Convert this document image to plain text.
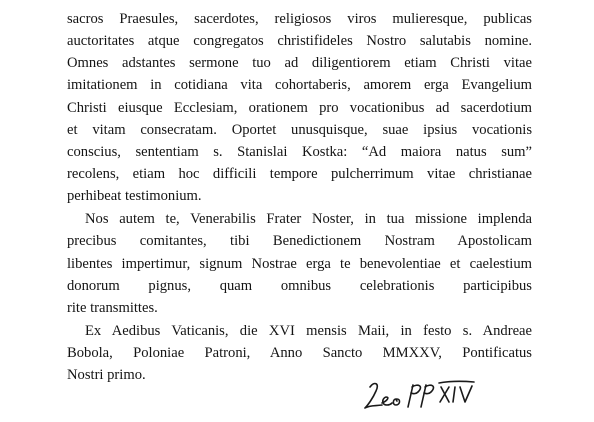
sacros Praesules, sacerdotes, religiosos viros mulieresque, publicas
auctoritates atque congregatos christifideles Nostro salutabis nomine.
Omnes adstantes sermone tuo ad diligentiorem etiam Christi vitae
imitationem in cotidiana vita cohortaberis, amorem erga Evangelium
Christi eiusque Ecclesiam, orationem pro vocationibus ad sacerdotium
et vitam consecratam. Oportet unusquisque, suae ipsius vocationis
conscius, sententiam s. Stanislai Kostka: “Ad maiora natus sum”
recolens, etiam hoc difficili tempore pulcherrimum vitae christianae
perhibeat testimonium.
Nos autem te, Venerabilis Frater Noster, in tua missione implenda
precibus comitantes, tibi Benedictionem Nostram Apostolicam
libentes impertimur, signum Nostrae erga te benevolentiae et caelestium
donorum pignus, quam omnibus celebrationis participibus
rite transmittes.
Ex Aedibus Vaticanis, die XVI mensis Maii, in festo s. Andreae
Bobola, Poloniae Patroni, Anno Sancto MMXXV, Pontificatus
Nostri primo.
